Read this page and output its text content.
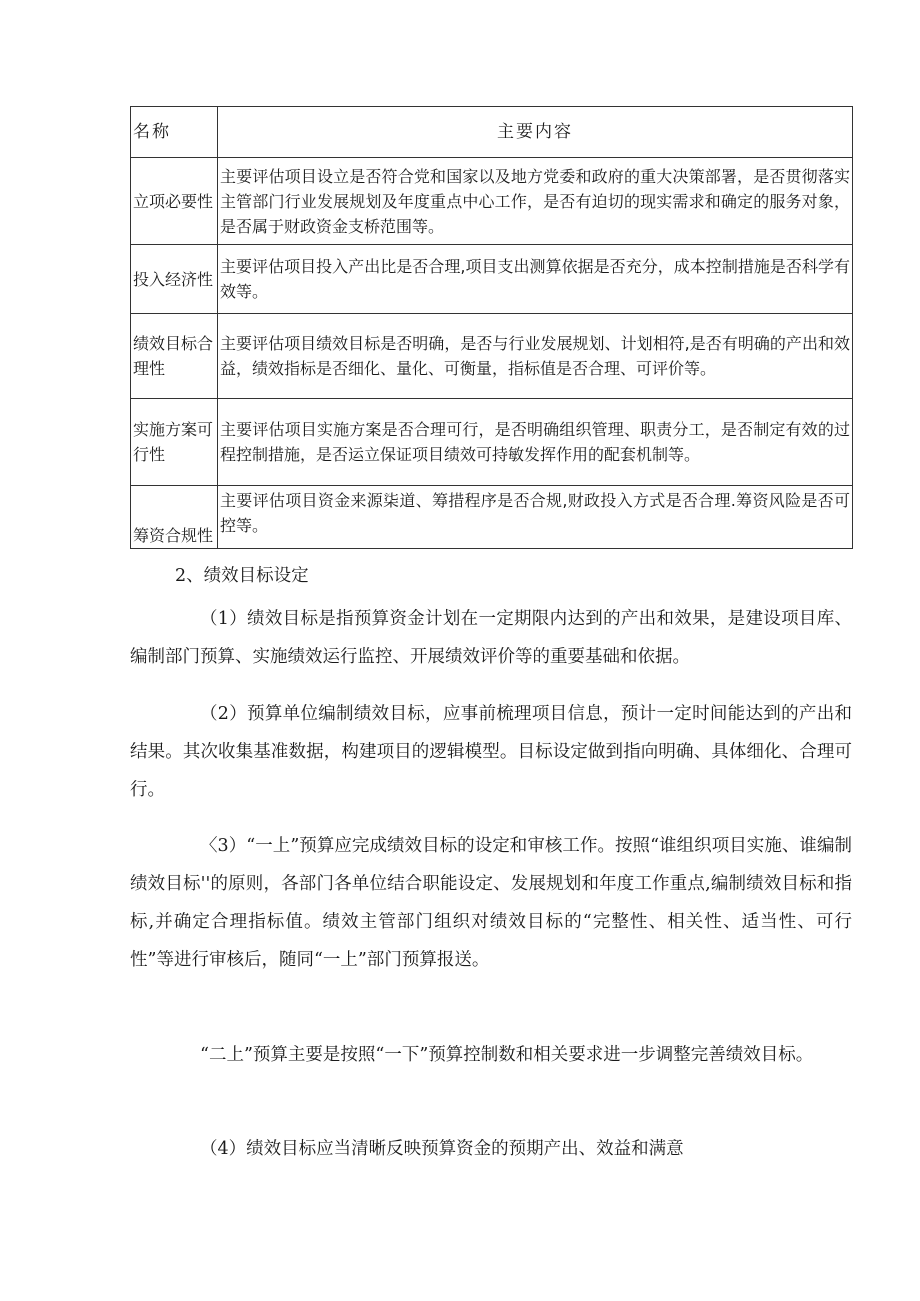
名称	主要内容
立项必要性	主要评估项目设立是否符合党和国家以及地方党委和政府的重大决策部署，是否贯彻落实主管部门行业发展规划及年度重点中心工作，是否有迫切的现实需求和确定的服务对象，是否属于财政资金支桥范围等。
投入经济性	主要评估项目投入产出比是否合理,项目支出测算依据是否充分，成本控制措施是否科学有效等。
绩效目标合理性	主要评估项目绩效目标是否明确，是否与行业发展规划、计划相符,是否有明确的产出和效益，绩效指标是否细化、量化、可衡量，指标值是否合理、可评价等。
实施方案可行性	主要评估项目实施方案是否合理可行，是否明确组织管理、职责分工，是否制定有效的过程控制措施，是否运立保证项目绩效可持敏发挥作用的配套机制等。
筹资合规性	主要评估项目资金来源柒道、筹措程序是否合规,财政投入方式是否合理.筹资风险是否可控等。

2、绩效目标设定

（1）绩效目标是指预算资金计划在一定期限内达到的产出和效果，是建设项目库、编制部门预算、实施绩效运行监控、开展绩效评价等的重要基础和依据。

（2）预算单位编制绩效目标，应事前梳理项目信息，预计一定时间能达到的产出和结果。其次收集基准数据，构建项目的逻辑模型。目标设定做到指向明确、具体细化、合理可行。

〈3）“一上”预算应完成绩效目标的设定和审核工作。按照“谁组织项目实施、谁编制绩效目标''的原则，各部门各单位结合职能设定、发展规划和年度工作重点,编制绩效目标和指标,并确定合理指标值。绩效主管部门组织对绩效目标的“完整性、相关性、适当性、可行性”等进行审核后，随同“一上”部门预算报送。

“二上”预算主要是按照“一下”预算控制数和相关要求进一步调整完善绩效目标。

（4）绩效目标应当清晰反映预算资金的预期产出、效益和满意
